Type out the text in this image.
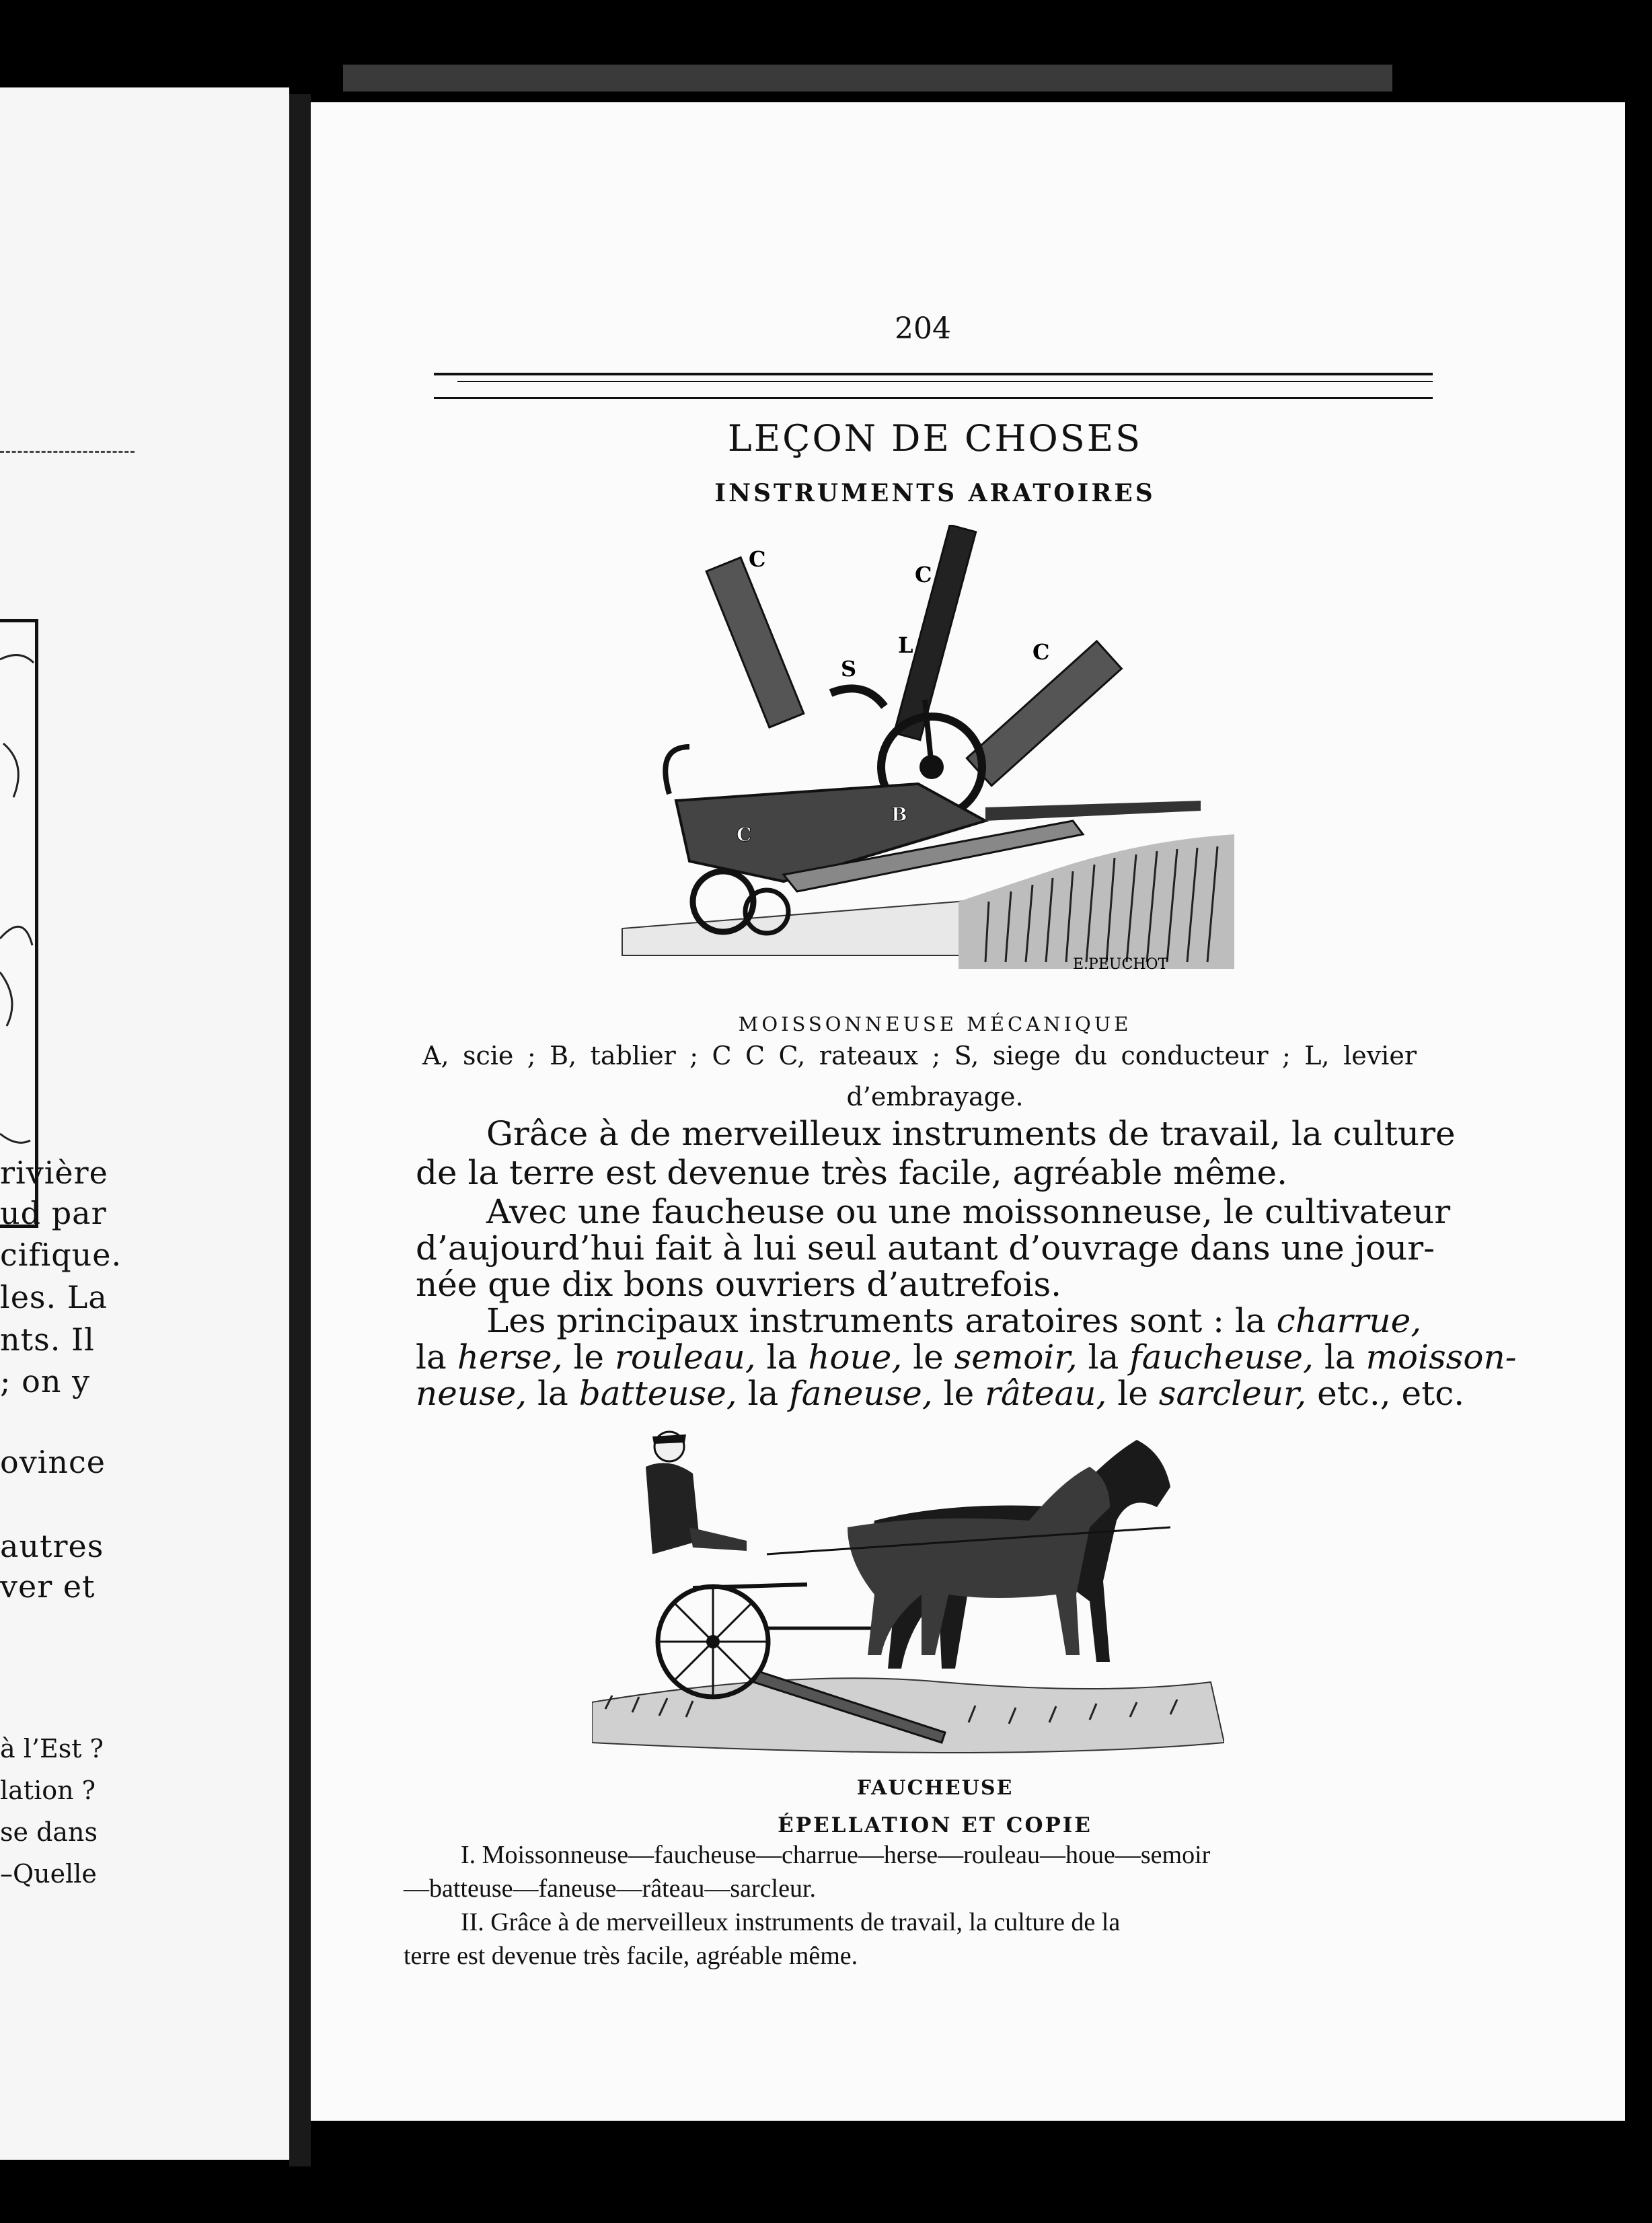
rivière
ud par
cifique.
les. La
nts. Il
; on y
ovince
autres
ver et
à l’Est ?
lation ?
se dans
–Quelle
204
LEÇON DE CHOSES
INSTRUMENTS ARATOIRES
C
C
S
L	C
B
C
E.PEUCHOT
MOISSONNEUSE MÉCANIQUE
A, scie ; B, tablier ; C C C, rateaux ; S, siege du conducteur ; L, levier
d’embrayage.
Grâce à de merveilleux instruments de travail, la culture
de la terre est devenue très facile, agréable même.
Avec une faucheuse ou une moissonneuse, le cultivateur
d’aujourd’hui fait à lui seul autant d’ouvrage dans une jour-
née que dix bons ouvriers d’autrefois.
Les principaux instruments aratoires sont : la charrue,
la herse, le rouleau, la houe, le semoir, la faucheuse, la moisson-
neuse, la batteuse, la faneuse, le râteau, le sarcleur, etc., etc.
FAUCHEUSE
ÉPELLATION ET COPIE
I. Moissonneuse—faucheuse—charrue—herse—rouleau—houe—semoir
—batteuse—faneuse—râteau—sarcleur.
II. Grâce à de merveilleux instruments de travail, la culture de la
terre est devenue très facile, agréable même.
